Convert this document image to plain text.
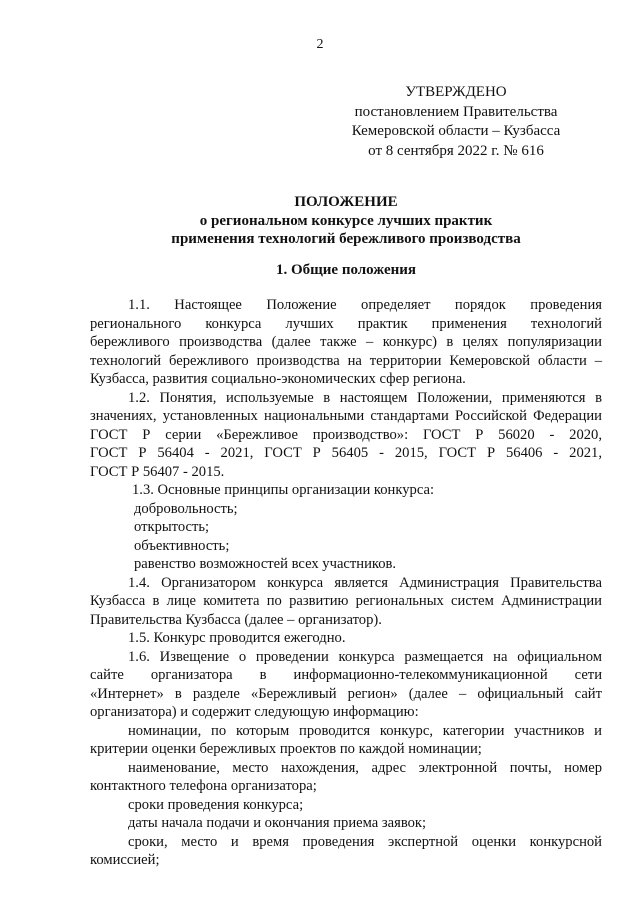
2
УТВЕРЖДЕНО
постановлением Правительства
Кемеровской области – Кузбасса
от 8 сентября 2022 г. № 616
ПОЛОЖЕНИЕ
о региональном конкурсе лучших практик
применения технологий бережливого производства
1. Общие положения

1.1. Настоящее Положение определяет порядок проведения
регионального конкурса лучших практик применения технологий
бережливого производства (далее также – конкурс) в целях популяризации
технологий бережливого производства на территории Кемеровской области –
Кузбасса, развития социально-экономических сфер региона.

1.2. Понятия, используемые в настоящем Положении, применяются в
значениях, установленных национальными стандартами Российской Федерации
ГОСТ Р серии «Бережливое производство»: ГОСТ Р 56020 - 2020,
ГОСТ Р 56404 - 2021, ГОСТ Р 56405 - 2015, ГОСТ Р 56406 - 2021,
ГОСТ Р 56407 - 2015.

1.3. Основные принципы организации конкурса:

добровольность;

открытость;

объективность;

равенство возможностей всех участников.

1.4. Организатором конкурса является Администрация Правительства
Кузбасса в лице комитета по развитию региональных систем Администрации
Правительства Кузбасса (далее – организатор).

1.5. Конкурс проводится ежегодно.

1.6. Извещение о проведении конкурса размещается на официальном
сайте организатора в информационно-телекоммуникационной сети
«Интернет» в разделе «Бережливый регион» (далее – официальный сайт
организатора) и содержит следующую информацию:

номинации, по которым проводится конкурс, категории участников и
критерии оценки бережливых проектов по каждой номинации;

наименование, место нахождения, адрес электронной почты, номер
контактного телефона организатора;

сроки проведения конкурса;

даты начала подачи и окончания приема заявок;

сроки, место и время проведения экспертной оценки конкурсной
комиссией;
